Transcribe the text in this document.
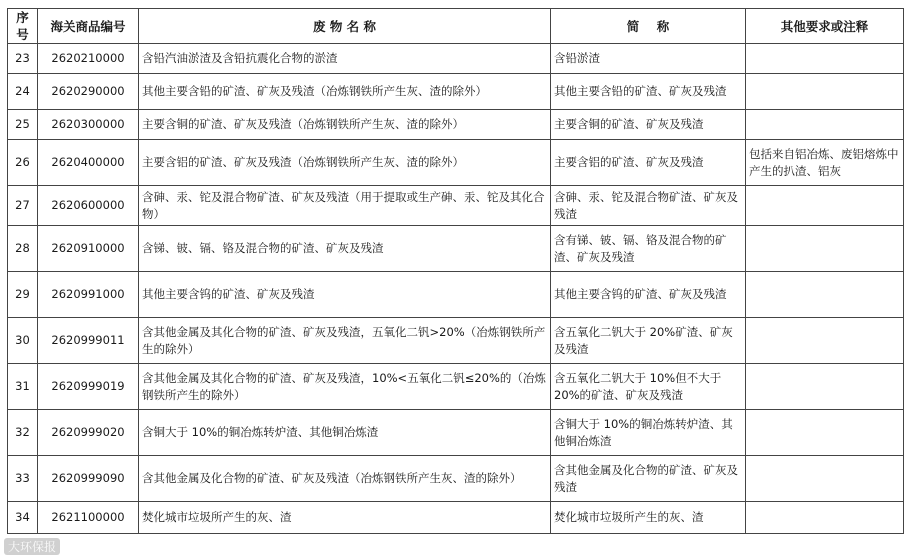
序号	海关商品编号	废 物 名 称	简    称	其他要求或注释
23	2620210000	含铅汽油淤渣及含铅抗震化合物的淤渣	含铅淤渣	
24	2620290000	其他主要含铅的矿渣、矿灰及残渣（冶炼钢铁所产生灰、渣的除外）	其他主要含铅的矿渣、矿灰及残渣	
25	2620300000	主要含铜的矿渣、矿灰及残渣（冶炼钢铁所产生灰、渣的除外）	主要含铜的矿渣、矿灰及残渣	
26	2620400000	主要含铝的矿渣、矿灰及残渣（冶炼钢铁所产生灰、渣的除外）	主要含铝的矿渣、矿灰及残渣	包括来自铝冶炼、废铝熔炼中产生的扒渣、铝灰
27	2620600000	含砷、汞、铊及混合物矿渣、矿灰及残渣（用于提取或生产砷、汞、铊及其化合物）	含砷、汞、铊及混合物矿渣、矿灰及残渣	
28	2620910000	含锑、铍、镉、铬及混合物的矿渣、矿灰及残渣	含有锑、铍、镉、铬及混合物的矿渣、矿灰及残渣	
29	2620991000	其他主要含钨的矿渣、矿灰及残渣	其他主要含钨的矿渣、矿灰及残渣	
30	2620999011	含其他金属及其化合物的矿渣、矿灰及残渣，五氧化二钒>20%（冶炼钢铁所产生的除外）	含五氧化二钒大于 20%矿渣、矿灰及残渣	
31	2620999019	含其他金属及其化合物的矿渣、矿灰及残渣，10%<五氧化二钒≤20%的（冶炼钢铁所产生的除外）	含五氧化二钒大于 10%但不大于 20%的矿渣、矿灰及残渣	
32	2620999020	含铜大于 10%的铜冶炼转炉渣、其他铜冶炼渣	含铜大于 10%的铜冶炼转炉渣、其他铜冶炼渣	
33	2620999090	含其他金属及化合物的矿渣、矿灰及残渣（冶炼钢铁所产生灰、渣的除外）	含其他金属及化合物的矿渣、矿灰及残渣	
34	2621100000	焚化城市垃圾所产生的灰、渣	焚化城市垃圾所产生的灰、渣	
大环保报
